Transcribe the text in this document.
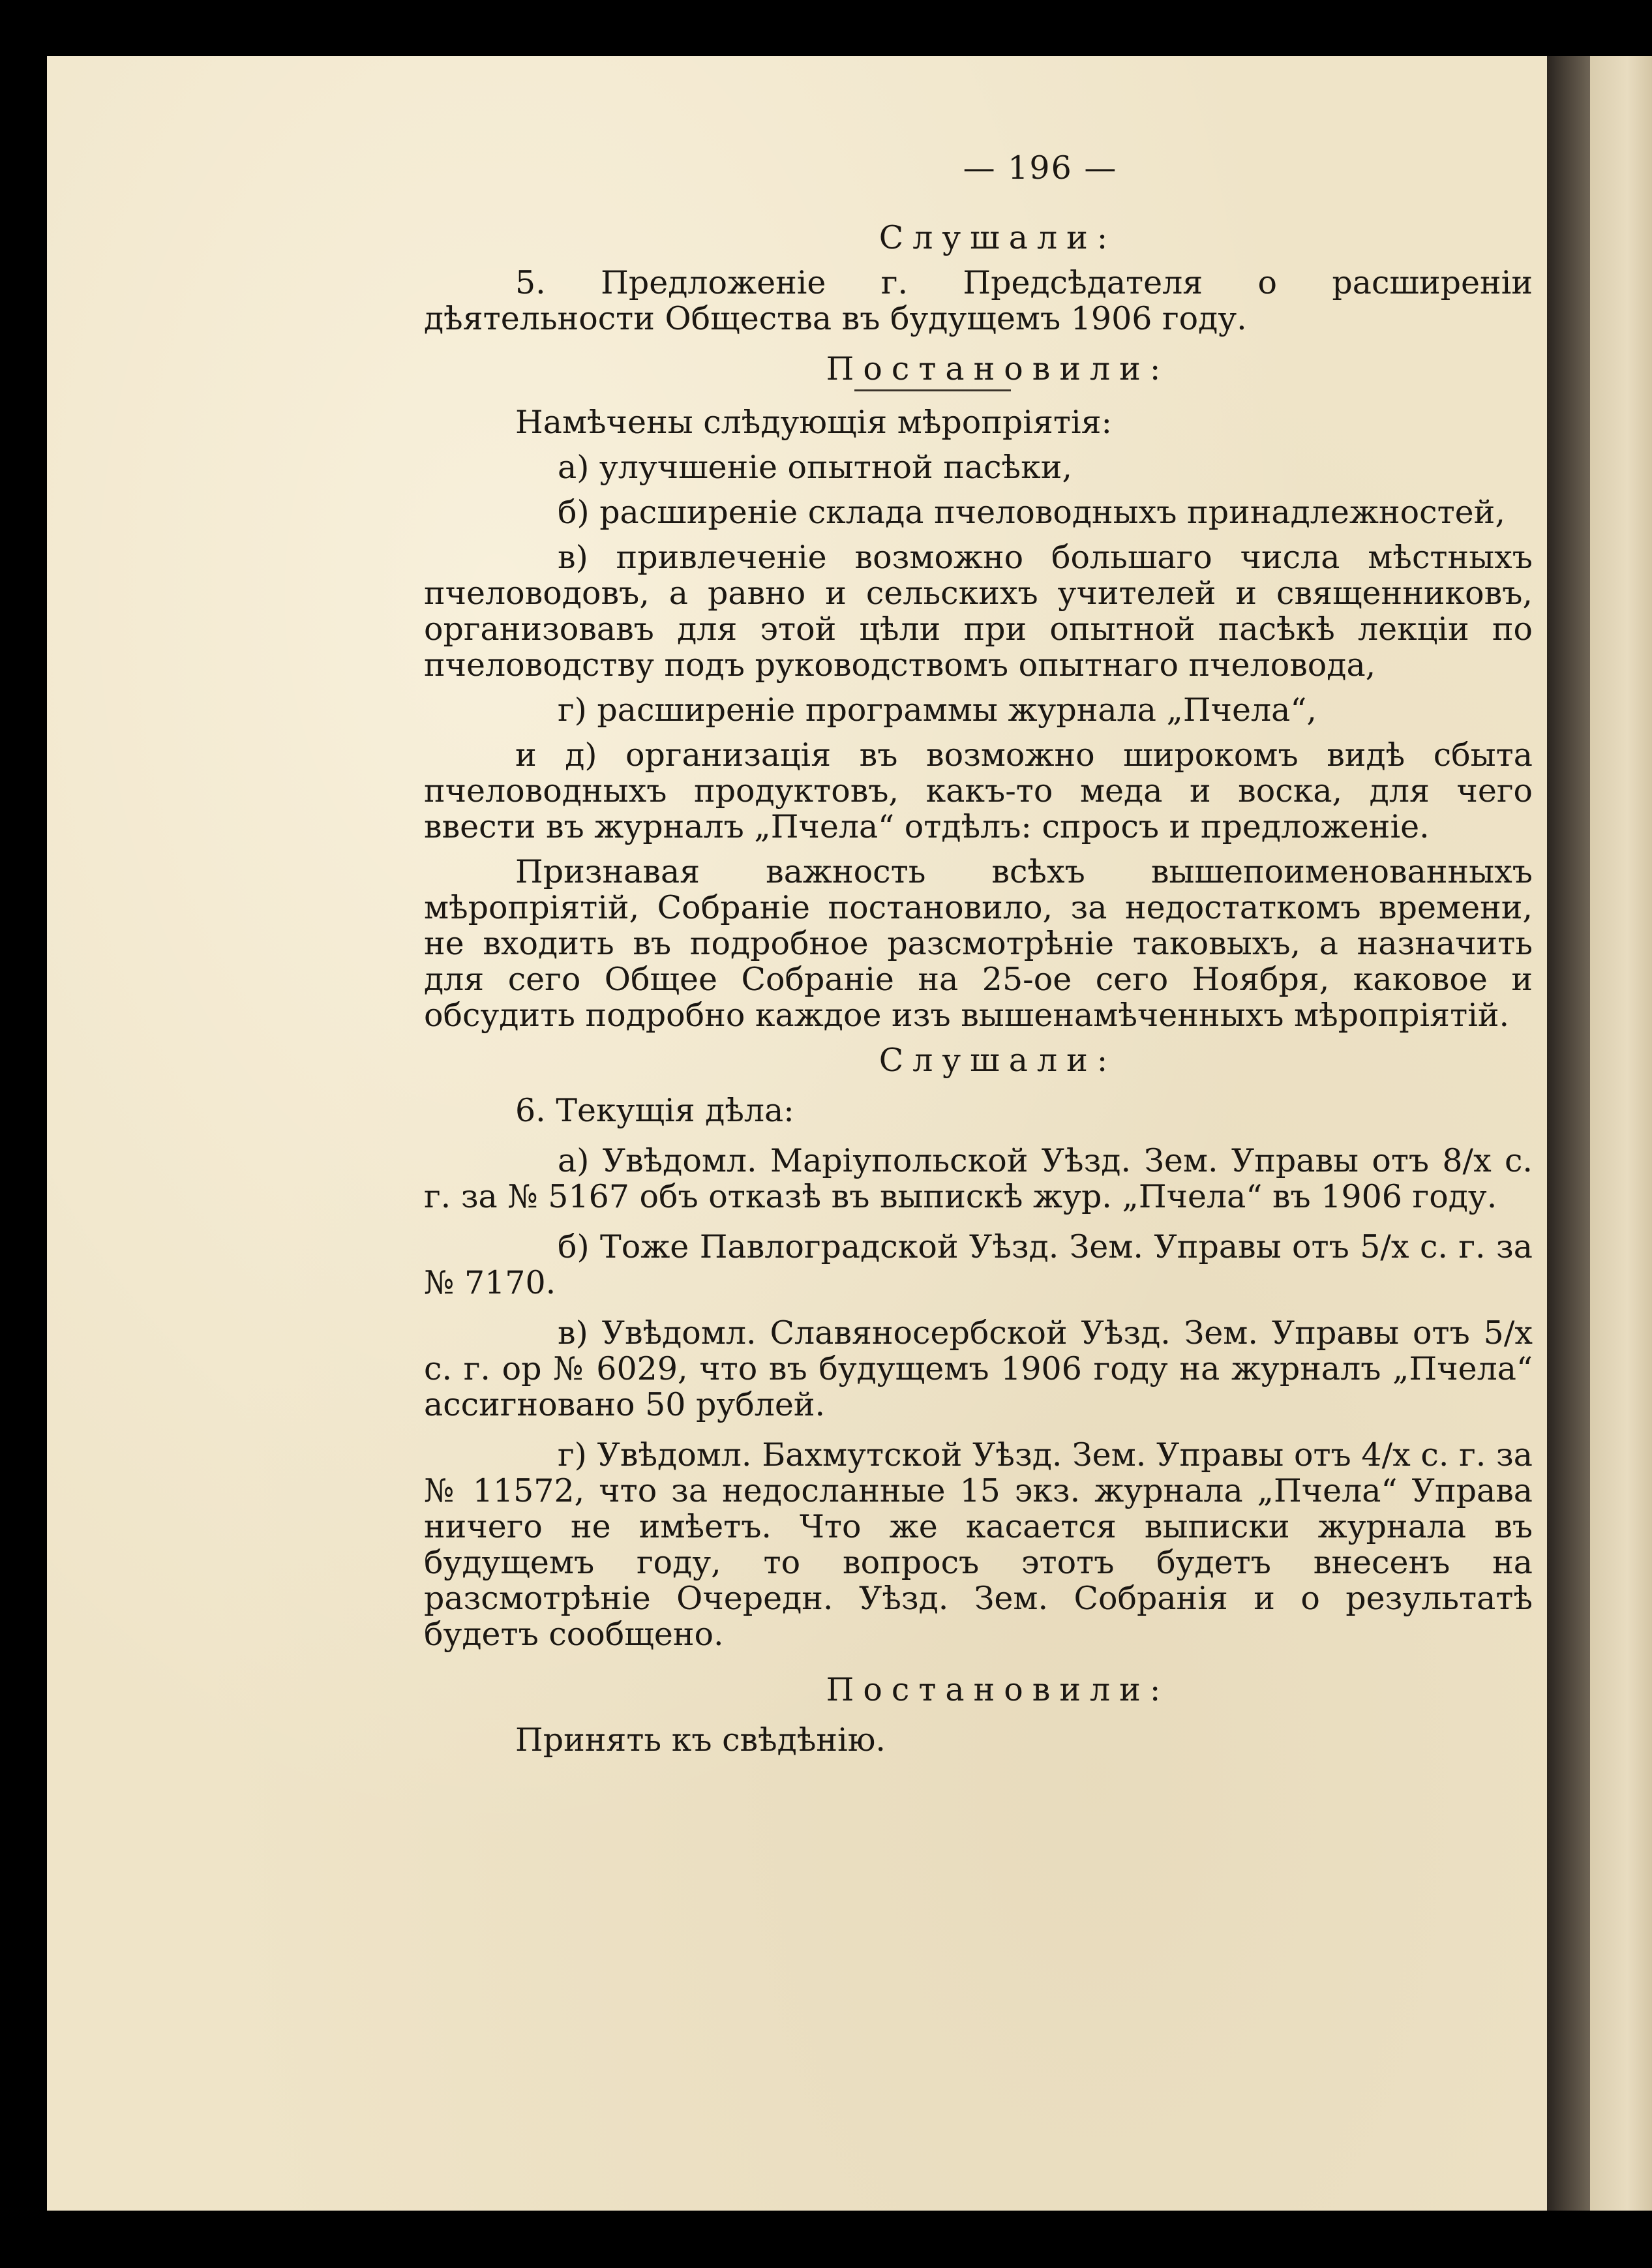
— 196 —
Слушали:

5. Предложенiе г. Предсѣдателя о расширенiи дѣятельности Общества въ будущемъ 1906 году.

Постановили:

Намѣчены слѣдующiя мѣропрiятiя:

а) улучшенiе опытной пасѣки,

б) расширенiе склада пчеловодныхъ принадлежностей,

в) привлеченiе возможно большаго числа мѣстныхъ пчеловодовъ, а равно и сельскихъ учителей и священниковъ, организовавъ для этой цѣли при опытной пасѣкѣ лекцiи по пчеловодству подъ руководствомъ опытнаго пчеловода,

г) расширенiе программы журнала „Пчела“,

и д) организацiя въ возможно широкомъ видѣ сбыта пчеловодныхъ продуктовъ, какъ-то меда и воска, для чего ввести въ журналъ „Пчела“ отдѣлъ: спросъ и предложенiе.

Признавая важность всѣхъ вышепоименованныхъ мѣропрiятiй, Собранiе постановило, за недостаткомъ времени, не входить въ подробное разсмотрѣнiе таковыхъ, а назначить для сего Общее Собранiе на 25-ое сего Ноября, каковое и обсудить подробно каждое изъ вышенамѣченныхъ мѣропрiятiй.

Слушали:

6. Текущiя дѣла:

а) Увѣдомл. Марiупольской Уѣзд. Зем. Управы отъ 8/х с. г. за № 5167 объ отказѣ въ выпискѣ жур. „Пчела“ въ 1906 году.

б) Тоже Павлоградской Уѣзд. Зем. Управы отъ 5/х с. г. за № 7170.

в) Увѣдомл. Славяносербской Уѣзд. Зем. Управы отъ 5/х с. г. ор № 6029, что въ будущемъ 1906 году на журналъ „Пчела“ ассигновано 50 рублей.

г) Увѣдомл. Бахмутской Уѣзд. Зем. Управы отъ 4/х с. г. за № 11572, что за недосланные 15 экз. журнала „Пчела“ Управа ничего не имѣетъ. Что же касается выписки журнала въ будущемъ году, то вопросъ этотъ будетъ внесенъ на разсмотрѣнiе Очередн. Уѣзд. Зем. Собранiя и о результатѣ будетъ сообщено.

Постановили:

Принять къ свѣдѣнiю.
